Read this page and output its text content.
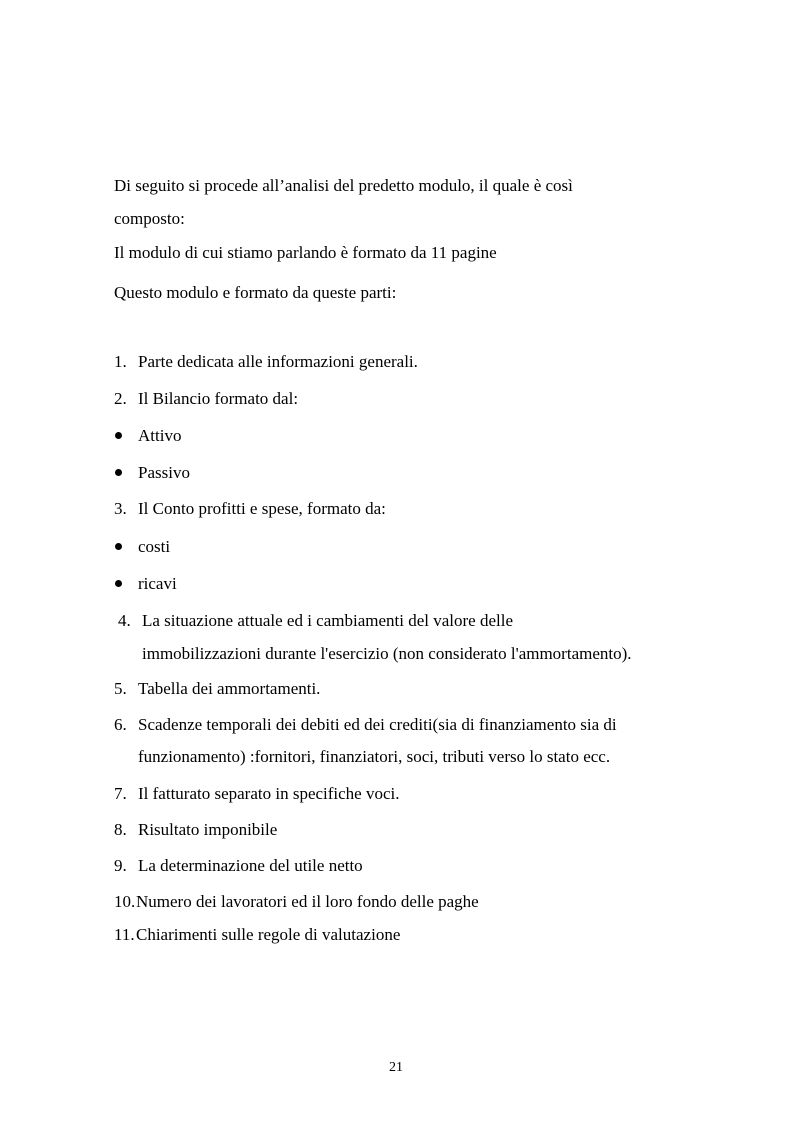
Di seguito si procede all’analisi del predetto modulo, il quale è così
composto:
Il modulo di cui stiamo parlando è formato da 11 pagine
Questo modulo e formato da queste parti:
1. Parte dedicata alle informazioni generali.
2. Il Bilancio formato dal:
Attivo
Passivo
3. Il Conto profitti e spese, formato da:
costi
ricavi
4. La situazione attuale ed i cambiamenti del valore delle
immobilizzazioni durante l'esercizio (non considerato l'ammortamento).
5. Tabella dei ammortamenti.
6. Scadenze temporali dei debiti ed dei crediti(sia di finanziamento sia di
funzionamento) :fornitori, finanziatori, soci, tributi verso lo stato ecc.
7. Il fatturato separato in specifiche voci.
8. Risultato imponibile
9. La determinazione del utile netto
10. Numero dei lavoratori ed il loro fondo delle paghe
11. Chiarimenti sulle regole di valutazione
21
